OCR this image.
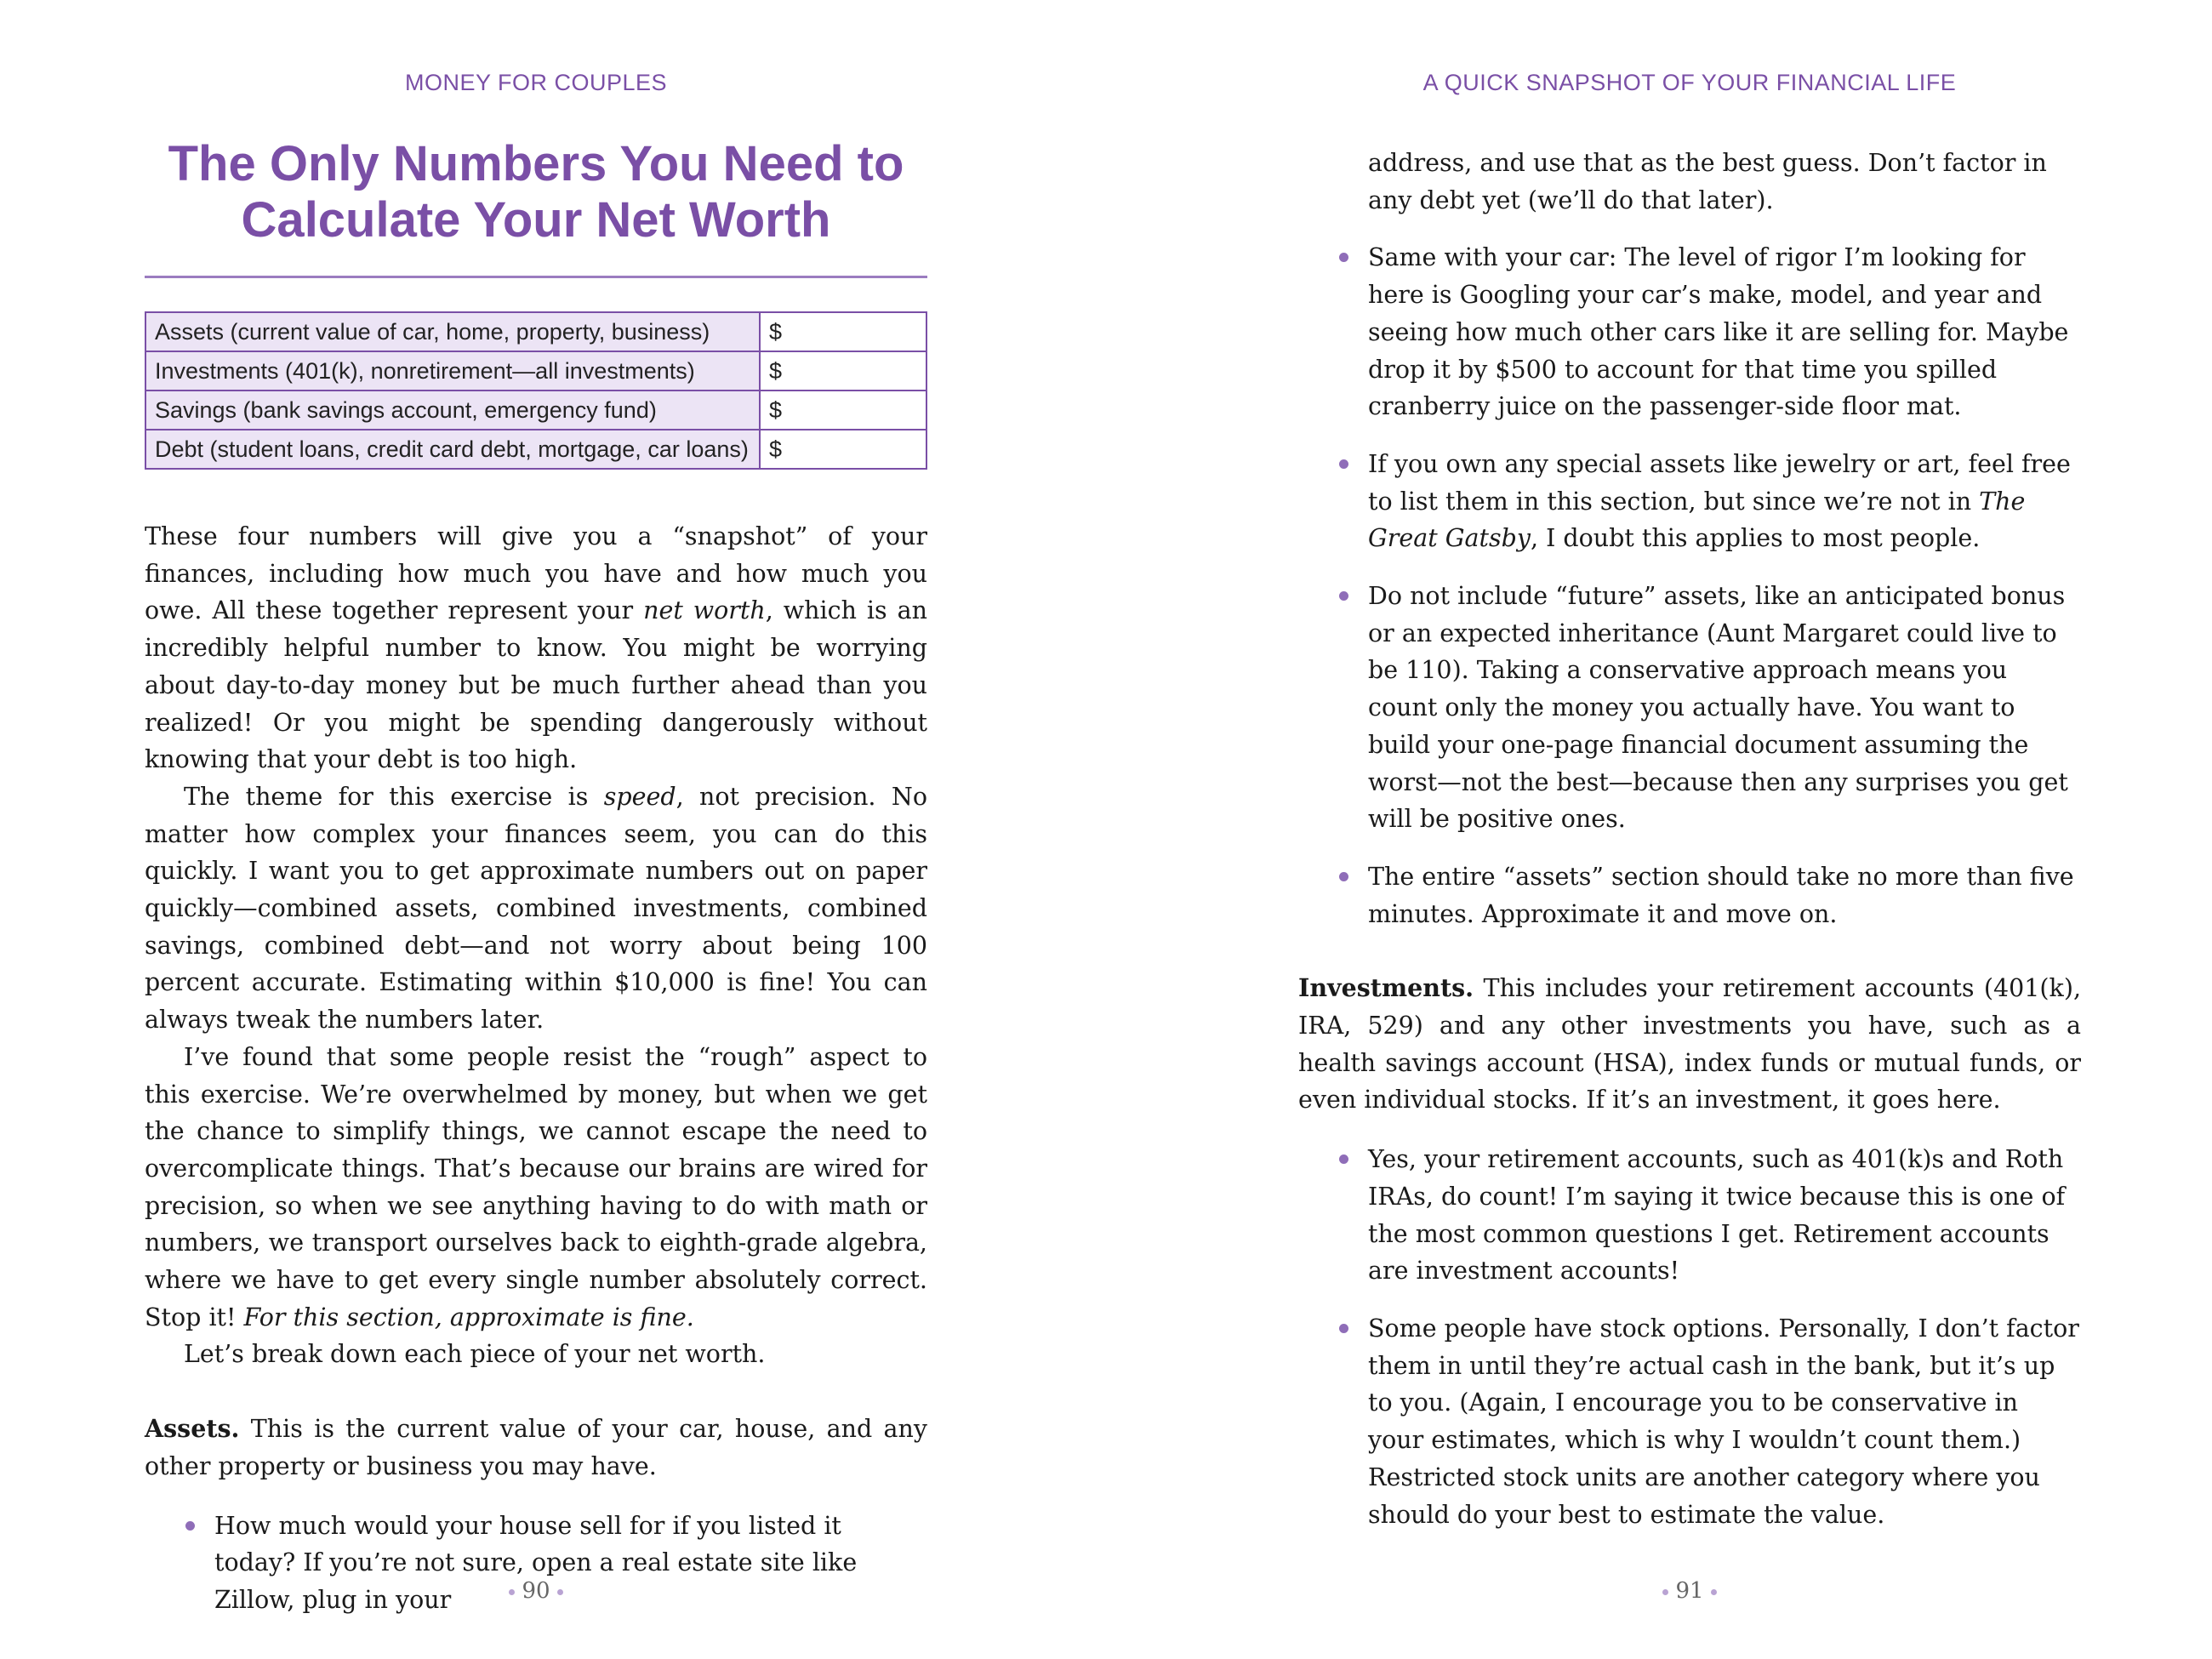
MONEY FOR COUPLES
The Only Numbers You Need to
Calculate Your Net Worth
Assets (current value of car, home, property, business)	$
Investments (401(k), nonretirement—all investments)	$
Savings (bank savings account, emergency fund)	$
Debt (student loans, credit card debt, mortgage, car loans)	$

These four numbers will give you a “snapshot” of your finances, including how much you have and how much you owe. All these together represent your net worth, which is an incredibly helpful number to know. You might be worrying about day-to-day money but be much further ahead than you realized! Or you might be spending dangerously without knowing that your debt is too high.

The theme for this exercise is speed, not precision. No matter how complex your finances seem, you can do this quickly. I want you to get approximate numbers out on paper quickly—combined assets, combined investments, combined savings, combined debt—and not worry about being 100 percent accurate. Estimating within $10,000 is fine! You can always tweak the numbers later.

I’ve found that some people resist the “rough” aspect to this exercise. We’re overwhelmed by money, but when we get the chance to simplify things, we cannot escape the need to overcomplicate things. That’s because our brains are wired for precision, so when we see anything having to do with math or numbers, we transport ourselves back to eighth-grade algebra, where we have to get every single number absolutely correct. Stop it! For this section, approximate is fine.

Let’s break down each piece of your net worth.

Assets. This is the current value of your car, house, and any other property or business you may have.

How much would your house sell for if you listed it today? If you’re not sure, open a real estate site like Zillow, plug in your	90
A QUICK SNAPSHOT OF YOUR FINANCIAL LIFE
address, and use that as the best guess. Don’t factor in any debt yet (we’ll do that later).
Same with your car: The level of rigor I’m looking for here is Googling your car’s make, model, and year and seeing how much other cars like it are selling for. Maybe drop it by $500 to account for that time you spilled cranberry juice on the passenger-side floor mat.
If you own any special assets like jewelry or art, feel free to list them in this section, but since we’re not in The Great Gatsby, I doubt this applies to most people.
Do not include “future” assets, like an anticipated bonus or an expected inheritance (Aunt Margaret could live to be 110). Taking a conservative approach means you count only the money you actually have. You want to build your one-page financial document assuming the worst—not the best—because then any surprises you get will be positive ones.
The entire “assets” section should take no more than five minutes. Approximate it and move on.

Investments. This includes your retirement accounts (401(k), IRA, 529) and any other investments you have, such as a health savings account (HSA), index funds or mutual funds, or even individual stocks. If it’s an investment, it goes here.

Yes, your retirement accounts, such as 401(k)s and Roth IRAs, do count! I’m saying it twice because this is one of the most common questions I get. Retirement accounts are investment accounts!
Some people have stock options. Personally, I don’t factor them in until they’re actual cash in the bank, but it’s up to you. (Again, I encourage you to be conservative in your estimates, which is why I wouldn’t count them.) Restricted stock units are another category where you should do your best to estimate the value.
91
